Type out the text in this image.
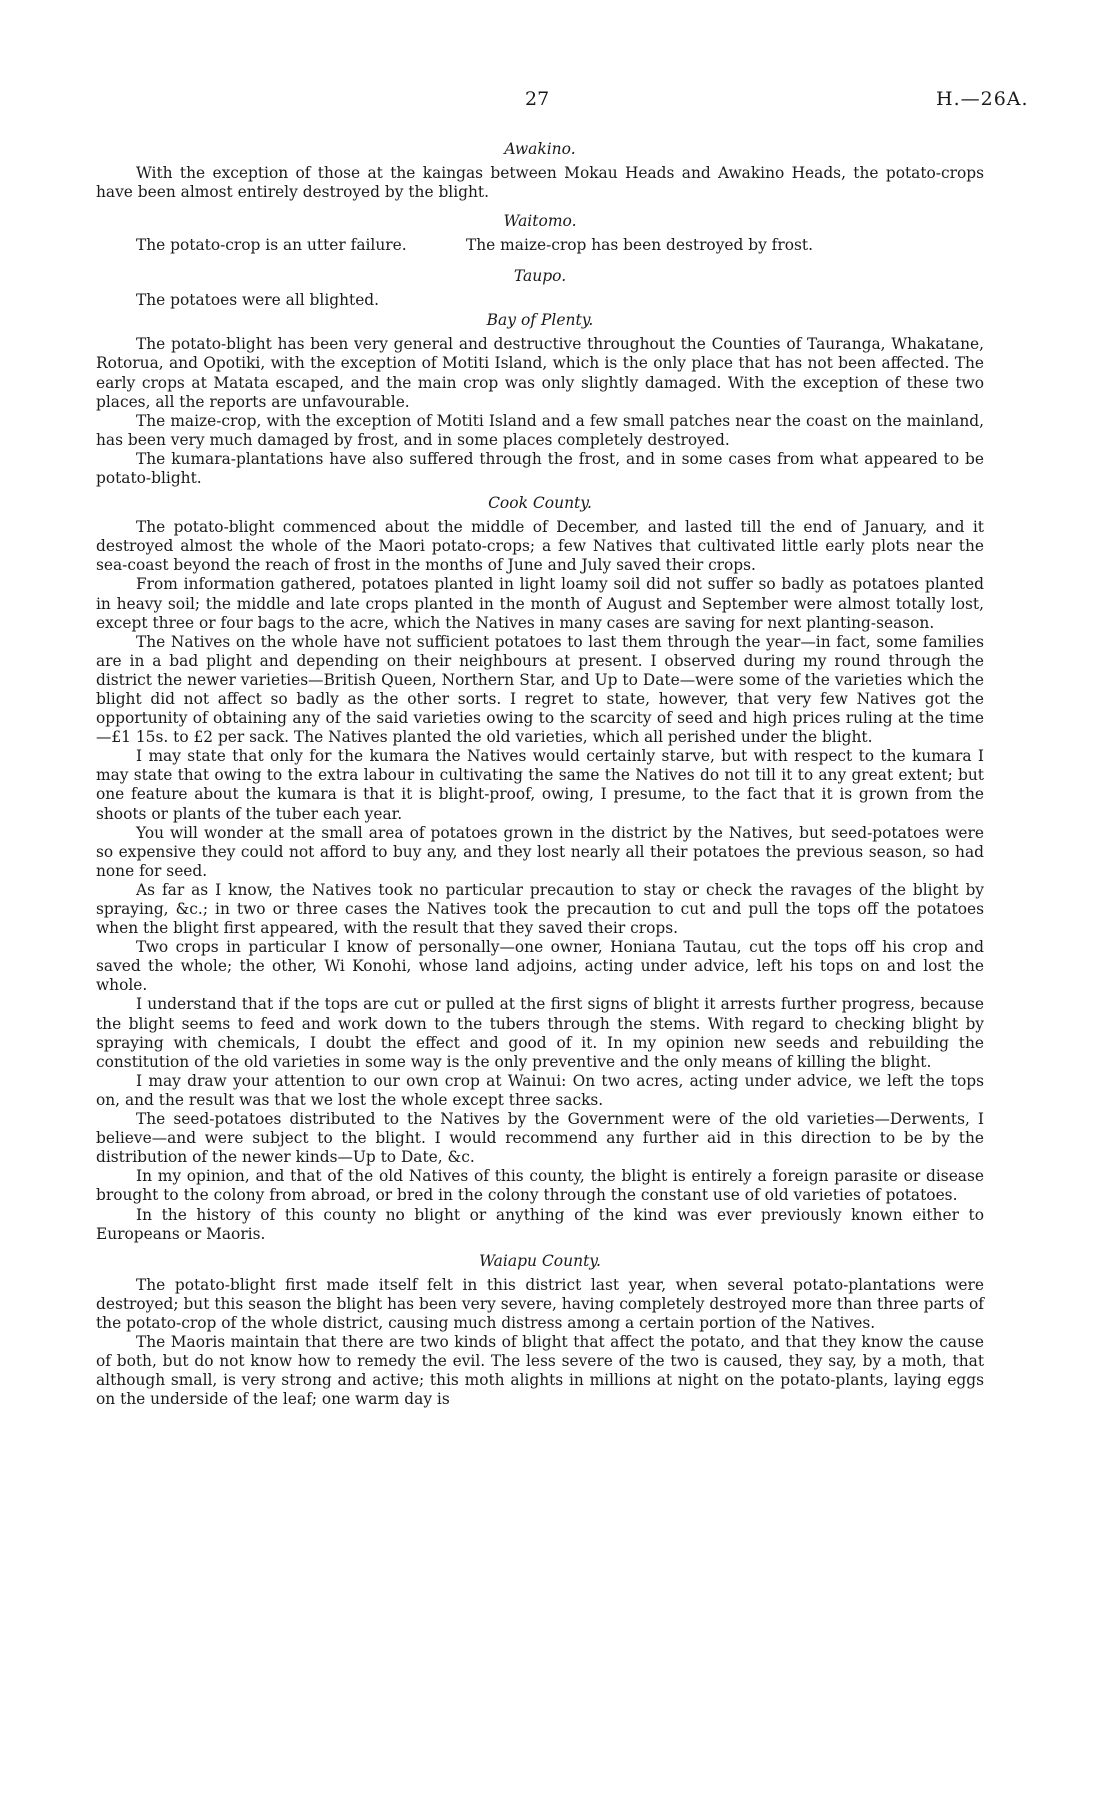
27	H.—26A.
Awakino.

With the exception of those at the kaingas between Mokau Heads and Awakino Heads, the potato-crops have been almost entirely destroyed by the blight.

Waitomo.

The potato-crop is an utter failure.	The maize-crop has been destroyed by frost.

Taupo.

The potatoes were all blighted.

Bay of Plenty.

The potato-blight has been very general and destructive throughout the Counties of Tauranga, Whakatane, Rotorua, and Opotiki, with the exception of Motiti Island, which is the only place that has not been affected. The early crops at Matata escaped, and the main crop was only slightly damaged. With the exception of these two places, all the reports are unfavourable.

The maize-crop, with the exception of Motiti Island and a few small patches near the coast on the mainland, has been very much damaged by frost, and in some places completely destroyed.

The kumara-plantations have also suffered through the frost, and in some cases from what appeared to be potato-blight.

Cook County.

The potato-blight commenced about the middle of December, and lasted till the end of January, and it destroyed almost the whole of the Maori potato-crops; a few Natives that cultivated little early plots near the sea-coast beyond the reach of frost in the months of June and July saved their crops.

From information gathered, potatoes planted in light loamy soil did not suffer so badly as potatoes planted in heavy soil; the middle and late crops planted in the month of August and September were almost totally lost, except three or four bags to the acre, which the Natives in many cases are saving for next planting-season.

The Natives on the whole have not sufficient potatoes to last them through the year—in fact, some families are in a bad plight and depending on their neighbours at present. I observed during my round through the district the newer varieties—British Queen, Northern Star, and Up to Date—were some of the varieties which the blight did not affect so badly as the other sorts. I regret to state, however, that very few Natives got the opportunity of obtaining any of the said varieties owing to the scarcity of seed and high prices ruling at the time—£1 15s. to £2 per sack. The Natives planted the old varieties, which all perished under the blight.

I may state that only for the kumara the Natives would certainly starve, but with respect to the kumara I may state that owing to the extra labour in cultivating the same the Natives do not till it to any great extent; but one feature about the kumara is that it is blight-proof, owing, I presume, to the fact that it is grown from the shoots or plants of the tuber each year.

You will wonder at the small area of potatoes grown in the district by the Natives, but seed-potatoes were so expensive they could not afford to buy any, and they lost nearly all their potatoes the previous season, so had none for seed.

As far as I know, the Natives took no particular precaution to stay or check the ravages of the blight by spraying, &c.; in two or three cases the Natives took the precaution to cut and pull the tops off the potatoes when the blight first appeared, with the result that they saved their crops.

Two crops in particular I know of personally—one owner, Honiana Tautau, cut the tops off his crop and saved the whole; the other, Wi Konohi, whose land adjoins, acting under advice, left his tops on and lost the whole.

I understand that if the tops are cut or pulled at the first signs of blight it arrests further progress, because the blight seems to feed and work down to the tubers through the stems. With regard to checking blight by spraying with chemicals, I doubt the effect and good of it. In my opinion new seeds and rebuilding the constitution of the old varieties in some way is the only preventive and the only means of killing the blight.

I may draw your attention to our own crop at Wainui: On two acres, acting under advice, we left the tops on, and the result was that we lost the whole except three sacks.

The seed-potatoes distributed to the Natives by the Government were of the old varieties—Derwents, I believe—and were subject to the blight. I would recommend any further aid in this direction to be by the distribution of the newer kinds—Up to Date, &c.

In my opinion, and that of the old Natives of this county, the blight is entirely a foreign parasite or disease brought to the colony from abroad, or bred in the colony through the constant use of old varieties of potatoes.

In the history of this county no blight or anything of the kind was ever previously known either to Europeans or Maoris.

Waiapu County.

The potato-blight first made itself felt in this district last year, when several potato-plantations were destroyed; but this season the blight has been very severe, having completely destroyed more than three parts of the potato-crop of the whole district, causing much distress among a certain portion of the Natives.

The Maoris maintain that there are two kinds of blight that affect the potato, and that they know the cause of both, but do not know how to remedy the evil. The less severe of the two is caused, they say, by a moth, that although small, is very strong and active; this moth alights in millions at night on the potato-plants, laying eggs on the underside of the leaf; one warm day is
